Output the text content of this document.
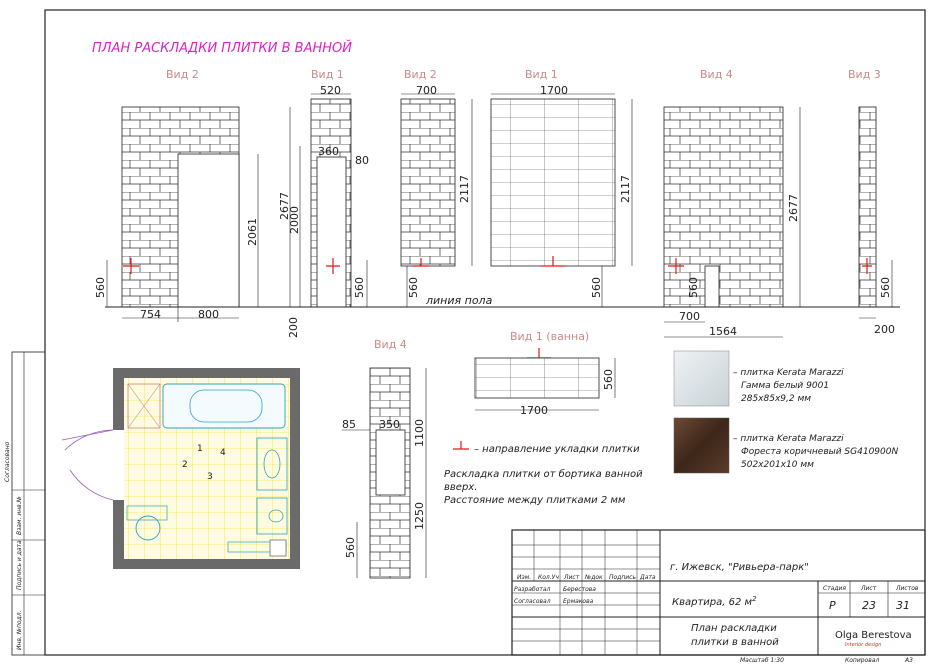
ПЛАН РАСКЛАДКИ ПЛИТКИ В ВАННОЙ
Вид 2	Вид 1	Вид 2	Вид 1	Вид 4	Вид 3
754	800
2061
560
520
360
80
2677
2000
560
200
700
2117
560
1700
2117
560
2677
560
700
1564
560
200
линия пола
Вид 4
85 350 1100
1250
560
Вид 1 (ванна)
560
1700
1
2
3
4	– направление укладки плитки
Раскладка плитки от бортика ванной
вверх.
Расстояние между плитками 2 мм
– плитка Kerata Marazzi
Гамма белый 9001
285х85х9,2 мм
– плитка Kerata Marazzi
Фореста коричневый SG410900N
502х201х10 мм
Согласовано
Взам. инв.№
Подпись и дата
Инв. №подл.
г. Ижевск, "Ривьера-парк"
Изм. Кол.Уч Лист №док Подпись Дата
Разработал Берестова
Согласовал Ермакова	Квартира, 62 $м^2$
Стадия Лист	Листов
Р 23 31
План раскладки
плитки в ванной
Olga Berestova
Interior design
Масштаб 1:30	Копировал	А3
